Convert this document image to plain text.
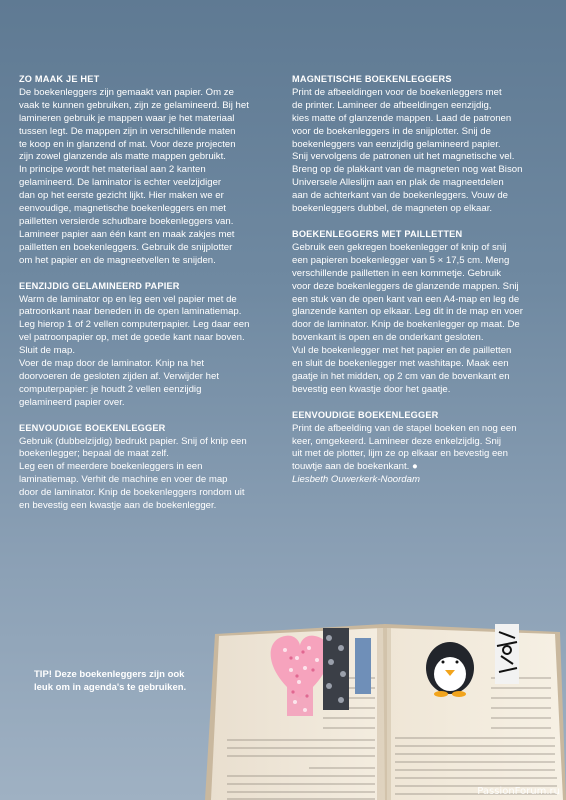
ZO MAAK JE HET
De boekenleggers zijn gemaakt van papier. Om ze
vaak te kunnen gebruiken, zijn ze gelamineerd. Bij het
lamineren gebruik je mappen waar je het materiaal
tussen legt. De mappen zijn in verschillende maten
te koop en in glanzend of mat. Voor deze projecten
zijn zowel glanzende als matte mappen gebruikt.
In principe wordt het materiaal aan 2 kanten
gelamineerd. De laminator is echter veelzijdiger
dan op het eerste gezicht lijkt. Hier maken we er
eenvoudige, magnetische boekenleggers en met
pailletten versierde schudbare boekenleggers van.
Lamineer papier aan één kant en maak zakjes met
pailletten en boekenleggers. Gebruik de snijplotter
om het papier en de magneetvellen te snijden.
EENZIJDIG GELAMINEERD PAPIER
Warm de laminator op en leg een vel papier met de
patroonkant naar beneden in de open laminatiemap.
Leg hierop 1 of 2 vellen computerpapier. Leg daar een
vel patroonpapier op, met de goede kant naar boven.
Sluit de map.
Voer de map door de laminator. Knip na het
doorvoeren de gesloten zijden af. Verwijder het
computerpapier: je houdt 2 vellen eenzijdig
gelamineerd papier over.
EENVOUDIGE BOEKENLEGGER
Gebruik (dubbelzijdig) bedrukt papier. Snij of knip een
boekenlegger; bepaal de maat zelf.
Leg een of meerdere boekenleggers in een
laminatiemap. Verhit de machine en voer de map
door de laminator. Knip de boekenleggers rondom uit
en bevestig een kwastje aan de boekenlegger.
MAGNETISCHE BOEKENLEGGERS
Print de afbeeldingen voor de boekenleggers met
de printer. Lamineer de afbeeldingen eenzijdig,
kies matte of glanzende mappen. Laad de patronen
voor de boekenleggers in de snijplotter. Snij de
boekenleggers van eenzijdig gelamineerd papier.
Snij vervolgens de patronen uit het magnetische vel.
Breng op de plakkant van de magneten nog wat Bison
Universele Alleslijm aan en plak de magneetdelen
aan de achterkant van de boekenleggers. Vouw de
boekenleggers dubbel, de magneten op elkaar.
BOEKENLEGGERS MET PAILLETTEN
Gebruik een gekregen boekenlegger of knip of snij
een papieren boekenlegger van 5 × 17,5 cm. Meng
verschillende pailletten in een kommetje. Gebruik
voor deze boekenleggers de glanzende mappen. Snij
een stuk van de open kant van een A4-map en leg de
glanzende kanten op elkaar. Leg dit in de map en voer
door de laminator. Knip de boekenlegger op maat. De
bovenkant is open en de onderkant gesloten.
Vul de boekenlegger met het papier en de pailletten
en sluit de boekenlegger met washitape. Maak een
gaatje in het midden, op 2 cm van de bovenkant en
bevestig een kwastje door het gaatje.
EENVOUDIGE BOEKENLEGGER
Print de afbeelding van de stapel boeken en nog een
keer, omgekeerd. Lamineer deze enkelzijdig. Snij
uit met de plotter, lijm ze op elkaar en bevestig een
touwtje aan de boekenkant. ●
Liesbeth Ouwerkerk-Noordam
TIP! Deze boekenleggers zijn ook leuk om in agenda's te gebruiken.
PassionForum.ru
